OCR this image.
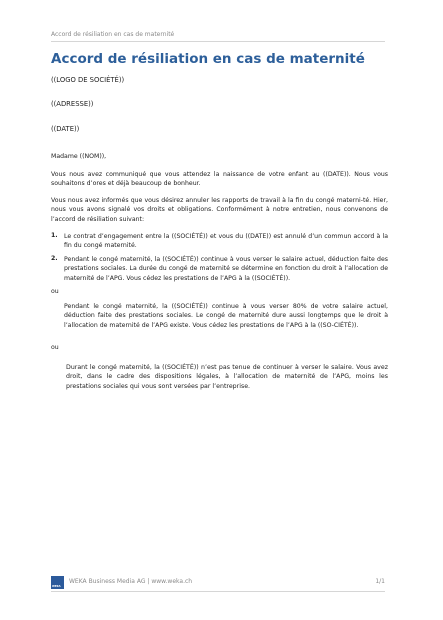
Accord de résiliation en cas de maternité
Accord de résiliation en cas de maternité
((LOGO DE SOCIÉTÉ))
((ADRESSE))
((DATE))

Madame ((NOM)),

Vous nous avez communiqué que vous attendez la naissance de votre enfant au ((DATE)). Nous vous souhaitons d’ores et déjà beaucoup de bonheur.

Vous nous avez informés que vous désirez annuler les rapports de travail à la fin du congé materni-té. Hier, nous vous avons signalé vos droits et obligations. Conformément à notre entretien, nous convenons de l’accord de résiliation suivant:

1. Le contrat d’engagement entre la ((SOCIÉTÉ)) et vous du ((DATE)) est annulé d’un commun accord à la fin du congé maternité.
2. Pendant le congé maternité, la ((SOCIÉTÉ)) continue à vous verser le salaire actuel, déduction faite des prestations sociales. La durée du congé de maternité se détermine en fonction du droit à l’allocation de maternité de l’APG. Vous cédez les prestations de l’APG à la ((SOCIÉTÉ)).
ou
Pendant le congé maternité, la ((SOCIÉTÉ)) continue à vous verser 80% de votre salaire actuel, déduction faite des prestations sociales. Le congé de maternité dure aussi longtemps que le droit à l’allocation de maternité de l’APG existe. Vous cédez les prestations de l’APG à la ((SO-CIÉTÉ)).
ou
Durant le congé maternité, la ((SOCIÉTÉ)) n’est pas tenue de continuer à verser le salaire. Vous avez droit, dans le cadre des dispositions légales, à l’allocation de maternité de l’APG, moins les prestations sociales qui vous sont versées par l’entreprise.
WEKA
WEKA Business Media AG | www.weka.ch	1/1
